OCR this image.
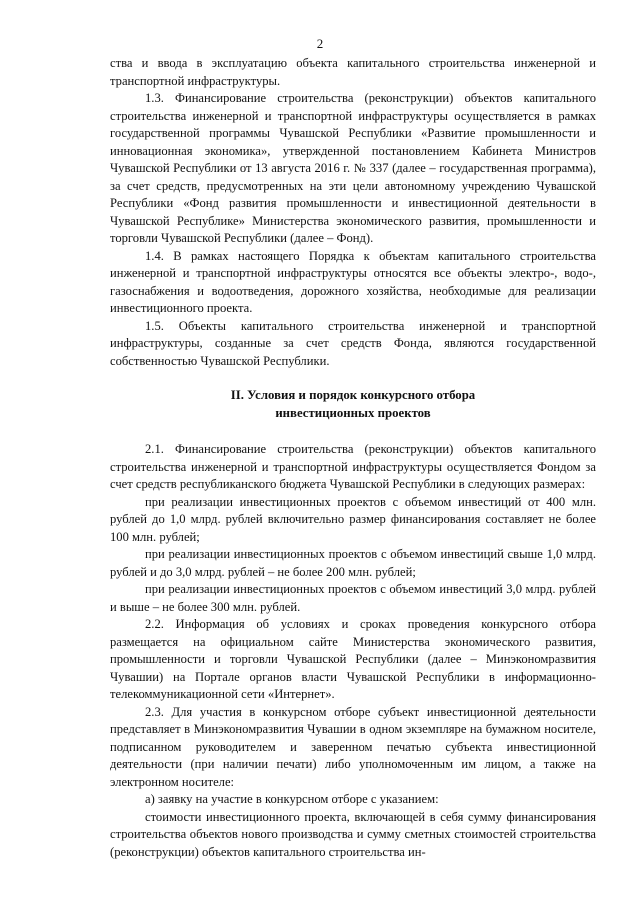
2

ства и ввода в эксплуатацию объекта капитального строительства инженерной и транспортной инфраструктуры.

1.3. Финансирование строительства (реконструкции) объектов капитального строительства инженерной и транспортной инфраструктуры осуществляется в рамках государственной программы Чувашской Республики «Развитие промышленности и инновационная экономика», утвержденной постановлением Кабинета Министров Чувашской Республики от 13 августа 2016 г. № 337 (далее – государственная программа), за счет средств, предусмотренных на эти цели автономному учреждению Чувашской Республики «Фонд развития промышленности и инвестиционной деятельности в Чувашской Республике» Министерства экономического развития, промышленности и торговли Чувашской Республики (далее – Фонд).

1.4. В рамках настоящего Порядка к объектам капитального строительства инженерной и транспортной инфраструктуры относятся все объекты электро-, водо-, газоснабжения и водоотведения, дорожного хозяйства, необходимые для реализации инвестиционного проекта.

1.5. Объекты капитального строительства инженерной и транспортной инфраструктуры, созданные за счет средств Фонда, являются государственной собственностью Чувашской Республики.

II. Условия и порядок конкурсного отбора
инвестиционных проектов

2.1. Финансирование строительства (реконструкции) объектов капитального строительства инженерной и транспортной инфраструктуры осуществляется Фондом за счет средств республиканского бюджета Чувашской Республики в следующих размерах:

при реализации инвестиционных проектов с объемом инвестиций от 400 млн. рублей до 1,0 млрд. рублей включительно размер финансирования составляет не более 100 млн. рублей;

при реализации инвестиционных проектов с объемом инвестиций свыше 1,0 млрд. рублей и до 3,0 млрд. рублей – не более 200 млн. рублей;

при реализации инвестиционных проектов с объемом инвестиций 3,0 млрд. рублей и выше – не более 300 млн. рублей.

2.2. Информация об условиях и сроках проведения конкурсного отбора размещается на официальном сайте Министерства экономического развития, промышленности и торговли Чувашской Республики (далее – Минэкономразвития Чувашии) на Портале органов власти Чувашской Республики в информационно-телекоммуникационной сети «Интернет».

2.3. Для участия в конкурсном отборе субъект инвестиционной деятельности представляет в Минэкономразвития Чувашии в одном экземпляре на бумажном носителе, подписанном руководителем и заверенном печатью субъекта инвестиционной деятельности (при наличии печати) либо уполномоченным им лицом, а также на электронном носителе:

а) заявку на участие в конкурсном отборе с указанием:

стоимости инвестиционного проекта, включающей в себя сумму финансирования строительства объектов нового производства и сумму сметных стоимостей строительства (реконструкции) объектов капитального строительства ин-
